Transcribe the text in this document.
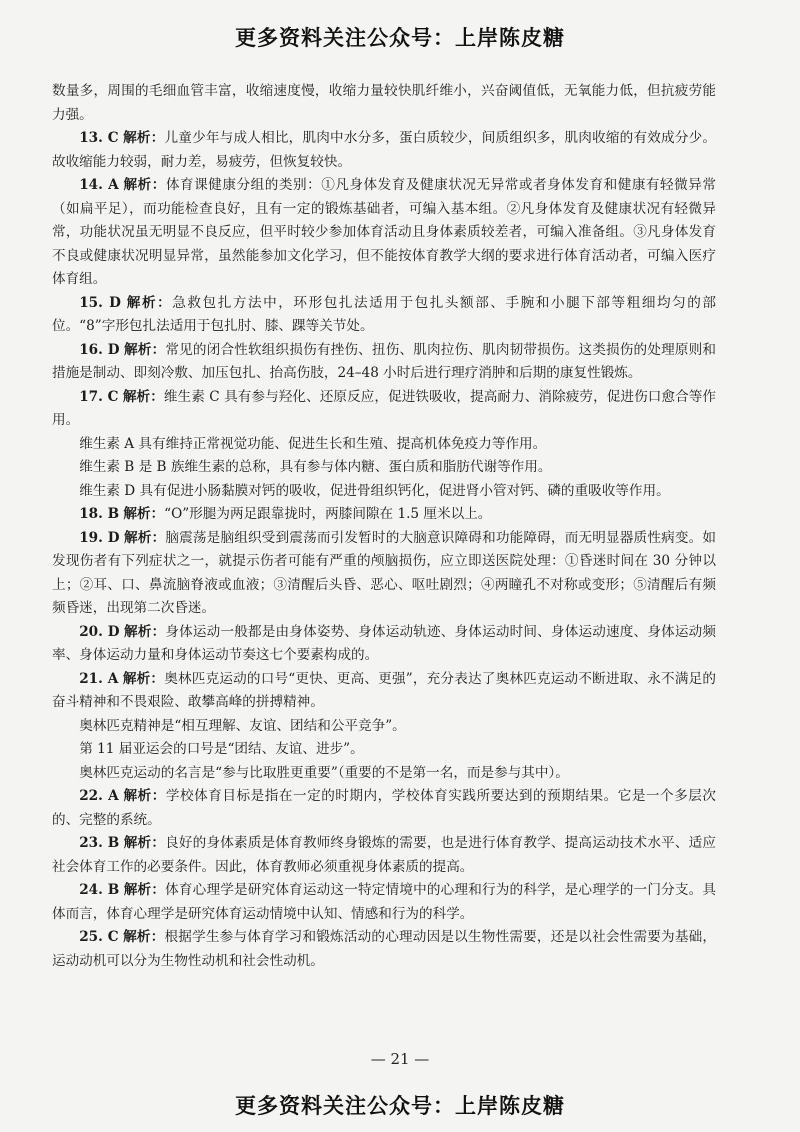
更多资料关注公众号：上岸陈皮糖

数量多，周围的毛细血管丰富，收缩速度慢，收缩力量较快肌纤维小，兴奋阈值低，无氧能力低，但抗疲劳能力强。

13. C 解析：儿童少年与成人相比，肌肉中水分多，蛋白质较少，间质组织多，肌肉收缩的有效成分少。故收缩能力较弱，耐力差，易疲劳，但恢复较快。

14. A 解析：体育课健康分组的类别：①凡身体发育及健康状况无异常或者身体发育和健康有轻微异常（如扁平足），而功能检查良好，且有一定的锻炼基础者，可编入基本组。②凡身体发育及健康状况有轻微异常，功能状况虽无明显不良反应，但平时较少参加体育活动且身体素质较差者，可编入准备组。③凡身体发育不良或健康状况明显异常，虽然能参加文化学习，但不能按体育教学大纲的要求进行体育活动者，可编入医疗体育组。

15. D 解析：急救包扎方法中，环形包扎法适用于包扎头额部、手腕和小腿下部等粗细均匀的部位。“8”字形包扎法适用于包扎肘、膝、踝等关节处。

16. D 解析：常见的闭合性软组织损伤有挫伤、扭伤、肌肉拉伤、肌肉韧带损伤。这类损伤的处理原则和措施是制动、即刻冷敷、加压包扎、抬高伤肢，24–48 小时后进行理疗消肿和后期的康复性锻炼。

17. C 解析：维生素 C 具有参与羟化、还原反应，促进铁吸收，提高耐力、消除疲劳，促进伤口愈合等作用。

维生素 A 具有维持正常视觉功能、促进生长和生殖、提高机体免疫力等作用。

维生素 B 是 B 族维生素的总称，具有参与体内糖、蛋白质和脂肪代谢等作用。

维生素 D 具有促进小肠黏膜对钙的吸收，促进骨组织钙化，促进肾小管对钙、磷的重吸收等作用。

18. B 解析：“O”形腿为两足跟靠拢时，两膝间隙在 1.5 厘米以上。

19. D 解析：脑震荡是脑组织受到震荡而引发暂时的大脑意识障碍和功能障碍，而无明显器质性病变。如发现伤者有下列症状之一，就提示伤者可能有严重的颅脑损伤，应立即送医院处理：①昏迷时间在 30 分钟以上；②耳、口、鼻流脑脊液或血液；③清醒后头昏、恶心、呕吐剧烈；④两瞳孔不对称或变形；⑤清醒后有频频昏迷，出现第二次昏迷。

20. D 解析：身体运动一般都是由身体姿势、身体运动轨迹、身体运动时间、身体运动速度、身体运动频率、身体运动力量和身体运动节奏这七个要素构成的。

21. A 解析：奥林匹克运动的口号“更快、更高、更强”，充分表达了奥林匹克运动不断进取、永不满足的奋斗精神和不畏艰险、敢攀高峰的拼搏精神。

奥林匹克精神是“相互理解、友谊、团结和公平竞争”。

第 11 届亚运会的口号是“团结、友谊、进步”。

奥林匹克运动的名言是“参与比取胜更重要”（重要的不是第一名，而是参与其中）。

22. A 解析：学校体育目标是指在一定的时期内，学校体育实践所要达到的预期结果。它是一个多层次的、完整的系统。

23. B 解析：良好的身体素质是体育教师终身锻炼的需要，也是进行体育教学、提高运动技术水平、适应社会体育工作的必要条件。因此，体育教师必须重视身体素质的提高。

24. B 解析：体育心理学是研究体育运动这一特定情境中的心理和行为的科学，是心理学的一门分支。具体而言，体育心理学是研究体育运动情境中认知、情感和行为的科学。

25. C 解析：根据学生参与体育学习和锻炼活动的心理动因是以生物性需要，还是以社会性需要为基础，运动动机可以分为生物性动机和社会性动机。

— 21 —
更多资料关注公众号：上岸陈皮糖
